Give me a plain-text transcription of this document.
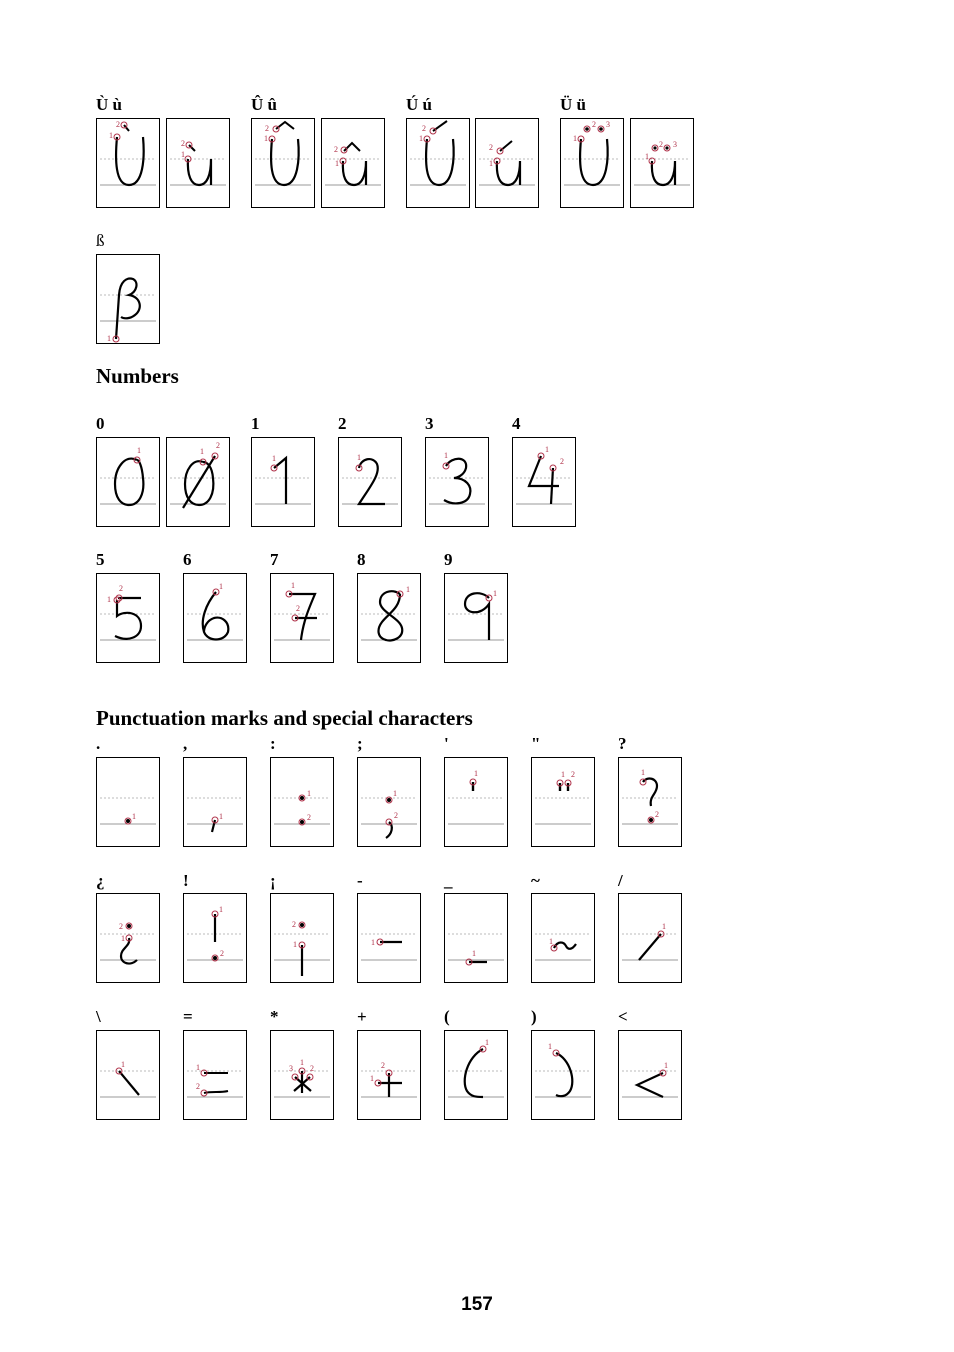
Ù ù	Û û	Ú ú	Ü ü
2
1
2
1
2
1
2
1
2
1
2
1
2 3
1
2 3
1
ß
1
Numbers
0	1	2	3	4
1	1
2
1	1	1
1
2
5	6	7	8	9
1
2	1	1
2
1	1
Punctuation marks and special characters
.	,	:	;	'	"	?
1	1
1
2
1
2
1	1 2	1
2
¿	!	¡	-	_	~	/
2
1
1
2
2
1	1
1
1
1
\	=	*	+	(	)	<
1	1
2
1
2
3
1
2
1	1
1
157
